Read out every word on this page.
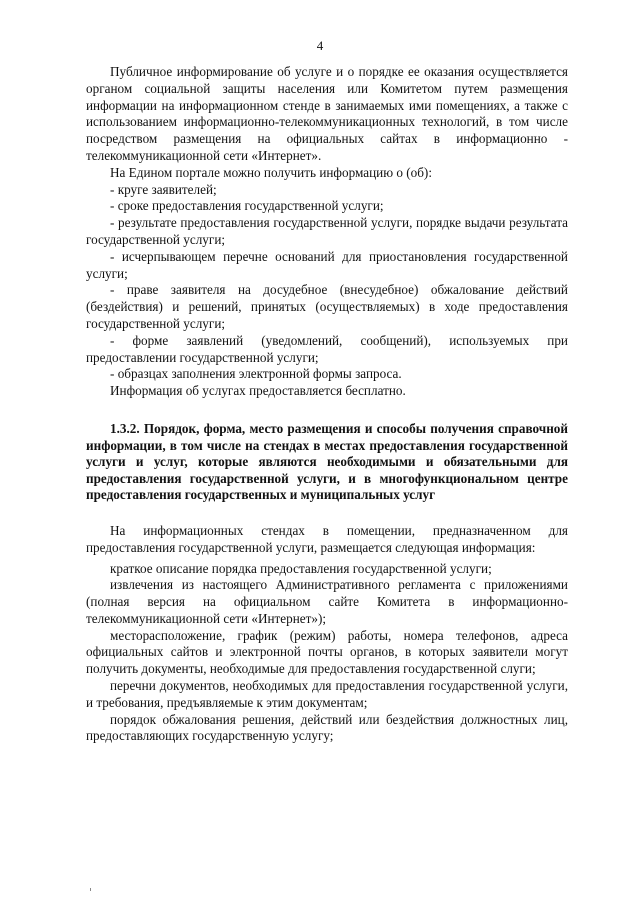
4

Публичное информирование об услуге и о порядке ее оказания осуществляется органом социальной защиты населения или Комитетом путем размещения информации на информационном стенде в занимаемых ими помещениях, а также с использованием информационно-телекоммуникационных технологий, в том числе посредством размещения на официальных сайтах в информационно - телекоммуникационной сети «Интернет».

На Едином портале можно получить информацию о (об):

- круге заявителей;

- сроке предоставления государственной услуги;

- результате предоставления государственной услуги, порядке выдачи результата государственной услуги;

- исчерпывающем перечне оснований для приостановления государственной услуги;

- праве заявителя на досудебное (внесудебное) обжалование действий (бездействия) и решений, принятых (осуществляемых) в ходе предоставления государственной услуги;

- форме заявлений (уведомлений, сообщений), используемых при предоставлении государственной услуги;

- образцах заполнения электронной формы запроса.

Информация об услугах предоставляется бесплатно.

1.3.2. Порядок, форма, место размещения и способы получения справочной информации, в том числе на стендах в местах предоставления государственной услуги и услуг, которые являются необходимыми и обязательными для предоставления государственной услуги, и в многофункциональном центре предоставления государственных и муниципальных услуг

На информационных стендах в помещении, предназначенном для предоставления государственной услуги, размещается следующая информация:

краткое описание порядка предоставления государственной услуги;

извлечения из настоящего Административного регламента с приложениями (полная версия на официальном сайте Комитета в информационно-телекоммуникационной сети «Интернет»);

месторасположение, график (режим) работы, номера телефонов, адреса официальных сайтов и электронной почты органов, в которых заявители могут получить документы, необходимые для предоставления государственной слуги;

перечни документов, необходимых для предоставления государственной услуги, и требования, предъявляемые к этим документам;

порядок обжалования решения, действий или бездействия должностных лиц, предоставляющих государственную услугу;
